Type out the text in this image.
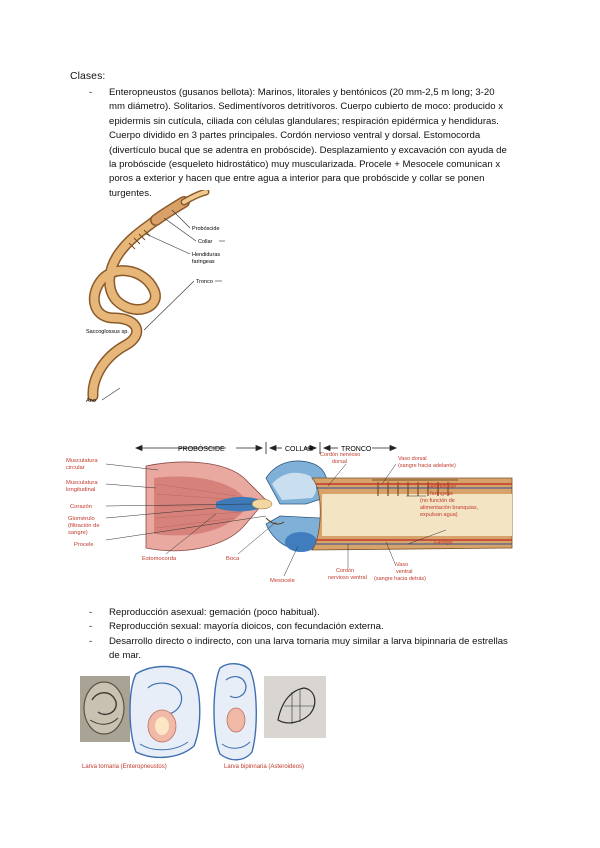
Clases:
- Enteropneustos (gusanos bellota): Marinos, litorales y bentónicos (20 mm-2,5 m long; 3-20 mm diámetro). Solitarios. Sedimentívoros detritívoros. Cuerpo cubierto de moco: producido x epidermis sin cutícula, ciliada con células glandulares; respiración epidérmica y hendiduras. Cuerpo dividido en 3 partes principales. Cordón nervioso ventral y dorsal. Estomocorda (divertículo bucal que se adentra en probóscide). Desplazamiento y excavación con ayuda de la probóscide (esqueleto hidrostático) muy muscularizada. Procele + Mesocele comunican x poros a exterior y hacen que entre agua a interior para que probóscide y collar se ponen turgentes.
Probóscide
Collar
Hendiduras
faringeas
Tronco
Saccoglossus sp.
Ano
PROBÓSCIDE	COLLAR	TRONCO
Musculatura
circular
Musculatura
longitudinal
Corazón
Glomérulo
(filtración de
sangre)
Procele
Estomocorda	Boca
Mesocele
Cordón nervioso
dorsal	Vaso dorsal
(sangre hacia adelante)
Hendiduras
faríngeas
(no función de
alimentación branquias,
expulsan agua)
Faringe
Cordón
nervioso ventral
Vaso
ventral
(sangre hacia detrás)
- Reproducción asexual: gemación (poco habitual).
- Reproducción sexual: mayoría dioicos, con fecundación externa.
- Desarrollo directo o indirecto, con una larva tornaria muy similar a larva bipinnaria de estrellas de mar.
Larva tornaria (Enteropneustos)	Larva bipinnaria (Asteroideos)
